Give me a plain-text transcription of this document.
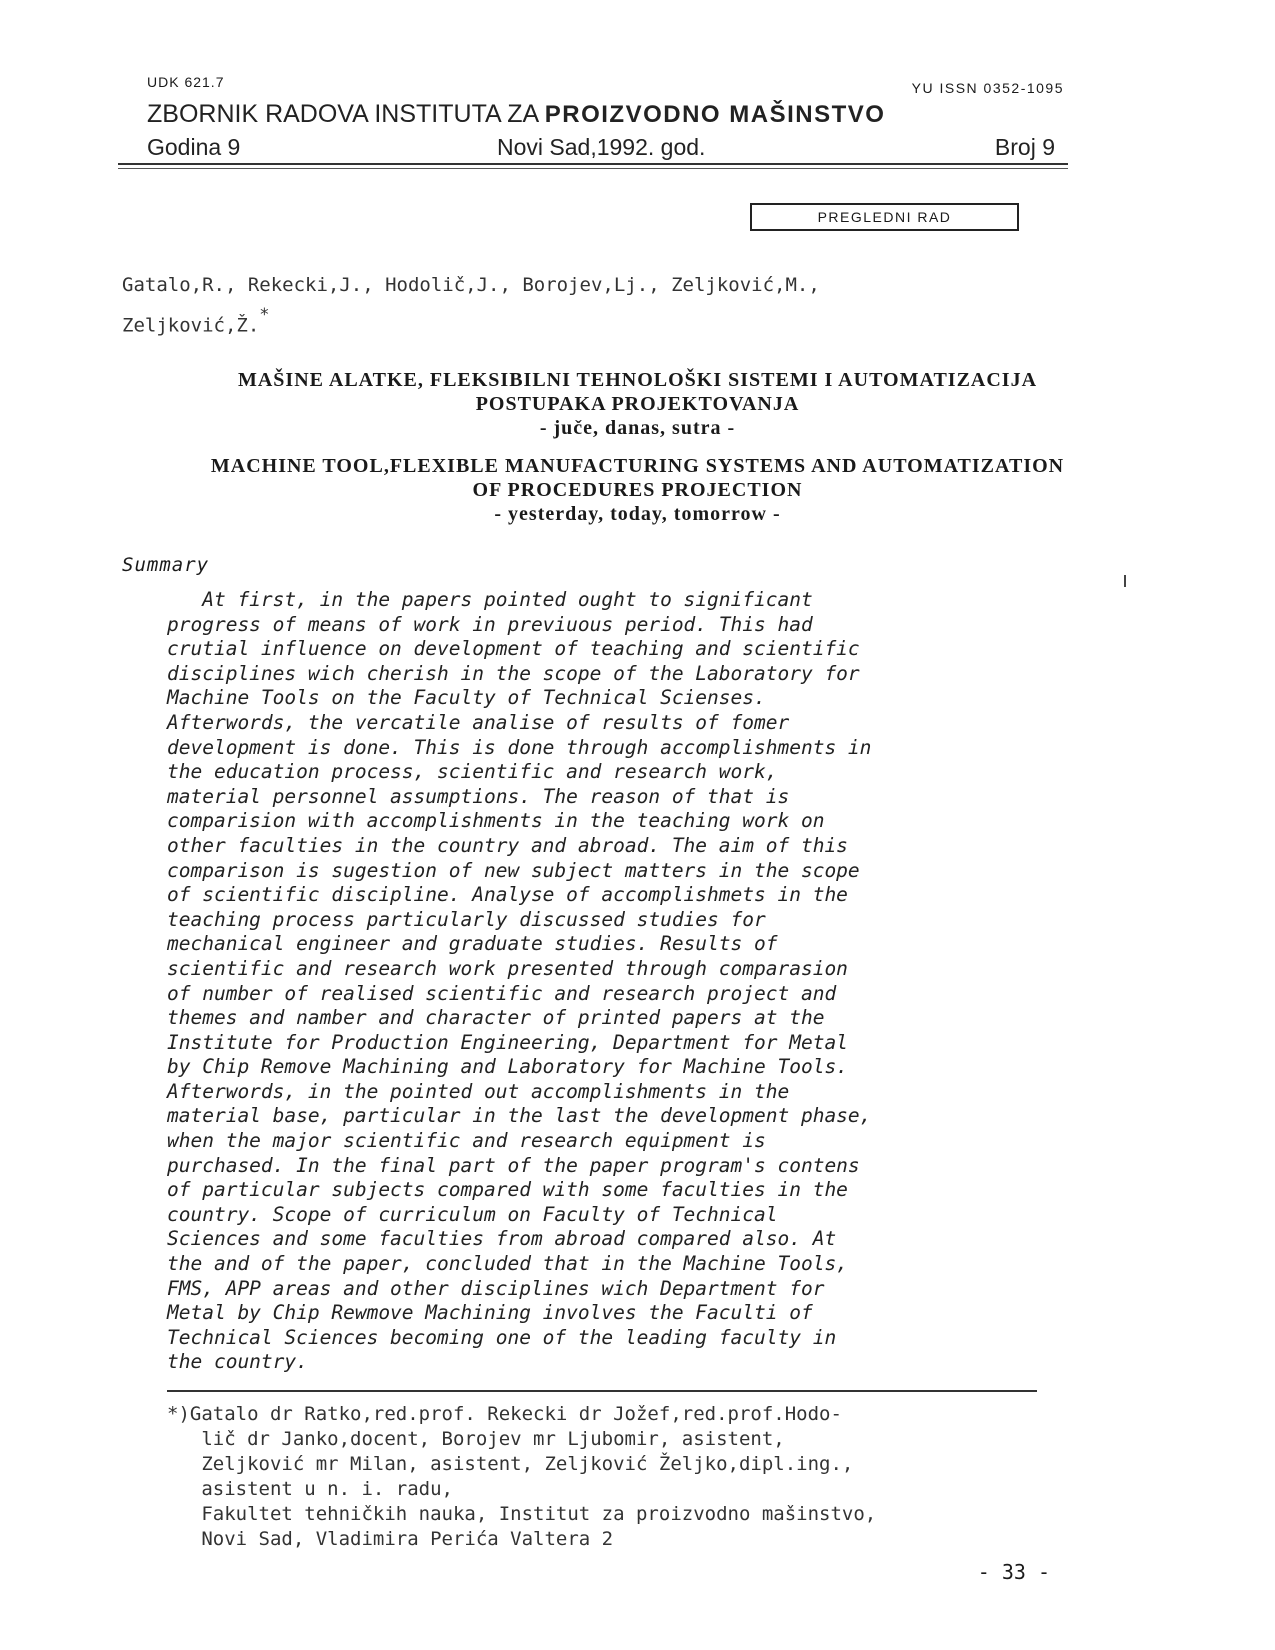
UDK 621.7	YU ISSN 0352-1095
ZBORNIK RADOVA INSTITUTA ZA PROIZVODNO MAŠINSTVO
Godina 9	Novi Sad,1992. god.	Broj 9
PREGLEDNI RAD
Gatalo,R., Rekecki,J., Hodolič,J., Borojev,Lj., Zeljković,M.,
Zeljković,Ž.*
MAŠINE ALATKE, FLEKSIBILNI TEHNOLOŠKI SISTEMI I AUTOMATIZACIJA
POSTUPAKA PROJEKTOVANJA
- juče, danas, sutra -
MACHINE TOOL,FLEXIBLE MANUFACTURING SYSTEMS AND AUTOMATIZATION
OF PROCEDURES PROJECTION
- yesterday, today, tomorrow -
Summary
At first, in the papers pointed ought to significant
progress of means of work in previuous period. This had
crutial influence on development of teaching and scientific
disciplines wich cherish in the scope of the Laboratory for
Machine Tools on the Faculty of Technical Scienses.
Afterwords, the vercatile analise of results of fomer
development is done. This is done through accomplishments in
the education process, scientific and research work,
material personnel assumptions. The reason of that is
comparision with accomplishments in the teaching work on
other faculties in the country and abroad. The aim of this
comparison is sugestion of new subject matters in the scope
of scientific discipline. Analyse of accomplishmets in the
teaching process particularly discussed studies for
mechanical engineer and graduate studies. Results of
scientific and research work presented through comparasion
of number of realised scientific and research project and
themes and namber and character of printed papers at the
Institute for Production Engineering, Department for Metal
by Chip Remove Machining and Laboratory for Machine Tools.
Afterwords, in the pointed out accomplishments in the
material base, particular in the last the development phase,
when the major scientific and research equipment is
purchased. In the final part of the paper program's contens
of particular subjects compared with some faculties in the
country. Scope of curriculum on Faculty of Technical
Sciences and some faculties from abroad compared also. At
the and of the paper, concluded that in the Machine Tools,
FMS, APP areas and other disciplines wich Department for
Metal by Chip Rewmove Machining involves the Faculti of
Technical Sciences becoming one of the leading faculty in
the country.
*)Gatalo dr Ratko,red.prof. Rekecki dr Jožef,red.prof.Hodo-
lič dr Janko,docent, Borojev mr Ljubomir, asistent,
Zeljković mr Milan, asistent, Zeljković Željko,dipl.ing.,
asistent u n. i. radu,
Fakultet tehničkih nauka, Institut za proizvodno mašinstvo,
Novi Sad, Vladimira Perića Valtera 2
- 33 -
